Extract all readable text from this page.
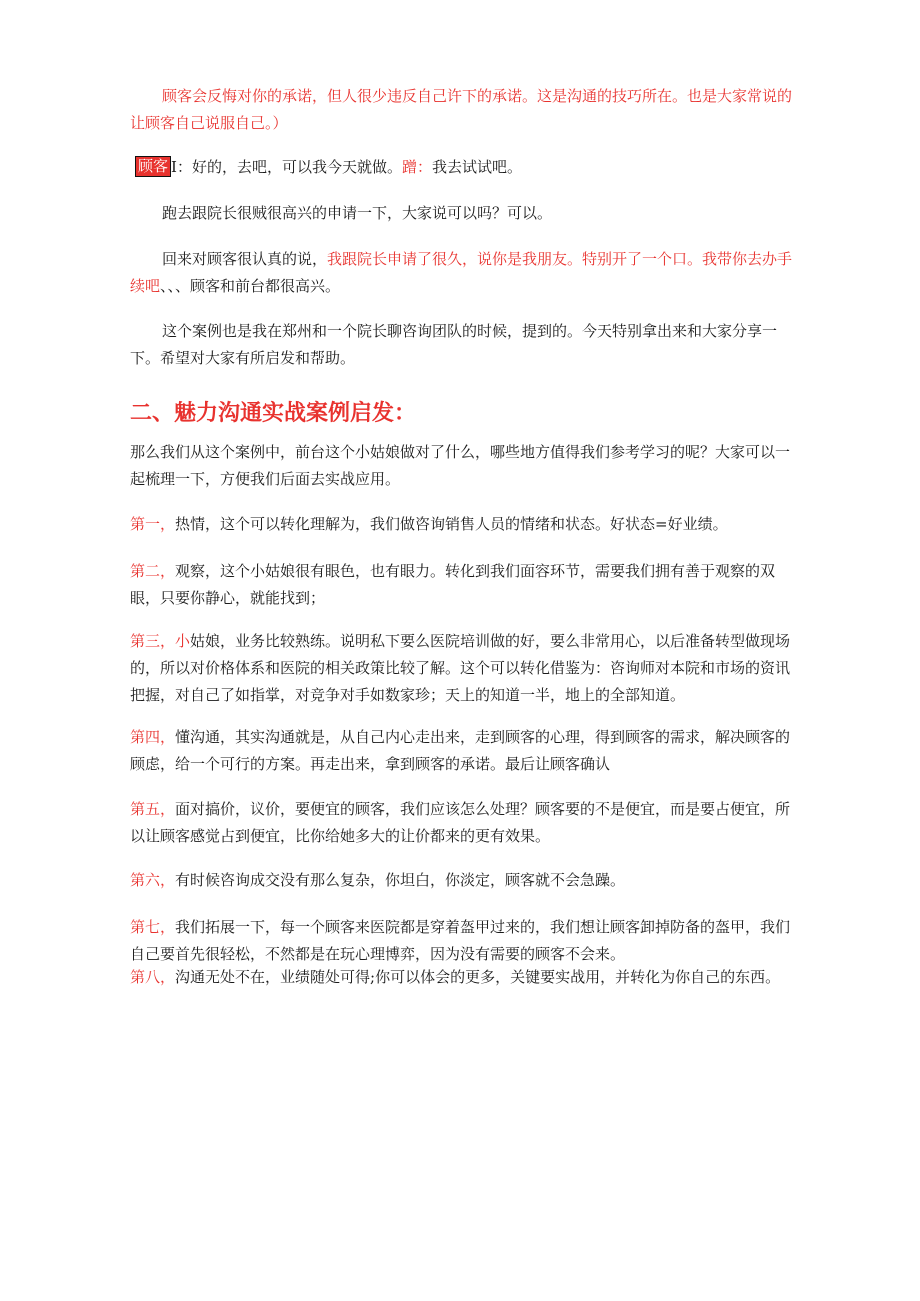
顾客会反悔对你的承诺，但人很少违反自己许下的承诺。这是沟通的技巧所在。也是大家常说的让顾客自己说服自己。）

顾客 I：好的，去吧，可以我今天就做。蹭：我去试试吧。

跑去跟院长很贼很高兴的申请一下，大家说可以吗？可以。

回来对顾客很认真的说，我跟院长申请了很久，说你是我朋友。特别开了一个口。我带你去办手续吧、、、顾客和前台都很高兴。

这个案例也是我在郑州和一个院长聊咨询团队的时候，提到的。今天特别拿出来和大家分享一下。希望对大家有所启发和帮助。

二、魅力沟通实战案例启发：

那么我们从这个案例中，前台这个小姑娘做对了什么，哪些地方值得我们参考学习的呢？大家可以一起梳理一下，方便我们后面去实战应用。

第一，热情，这个可以转化理解为，我们做咨询销售人员的情绪和状态。好状态=好业绩。

第二，观察，这个小姑娘很有眼色，也有眼力。转化到我们面容环节，需要我们拥有善于观察的双眼，只要你静心，就能找到；

第三，小姑娘，业务比较熟练。说明私下要么医院培训做的好，要么非常用心，以后准备转型做现场的，所以对价格体系和医院的相关政策比较了解。这个可以转化借鉴为：咨询师对本院和市场的资讯把握，对自己了如指掌，对竞争对手如数家珍；天上的知道一半，地上的全部知道。

第四，懂沟通，其实沟通就是，从自己内心走出来，走到顾客的心理，得到顾客的需求，解决顾客的顾虑，给一个可行的方案。再走出来，拿到顾客的承诺。最后让顾客确认

第五，面对搞价，议价，要便宜的顾客，我们应该怎么处理？顾客要的不是便宜，而是要占便宜，所以让顾客感觉占到便宜，比你给她多大的让价都来的更有效果。

第六，有时候咨询成交没有那么复杂，你坦白，你淡定，顾客就不会急躁。

第七，我们拓展一下，每一个顾客来医院都是穿着盔甲过来的，我们想让顾客卸掉防备的盔甲，我们自己要首先很轻松，不然都是在玩心理博弈，因为没有需要的顾客不会来。

第八，沟通无处不在，业绩随处可得;你可以体会的更多，关键要实战用，并转化为你自己的东西。
